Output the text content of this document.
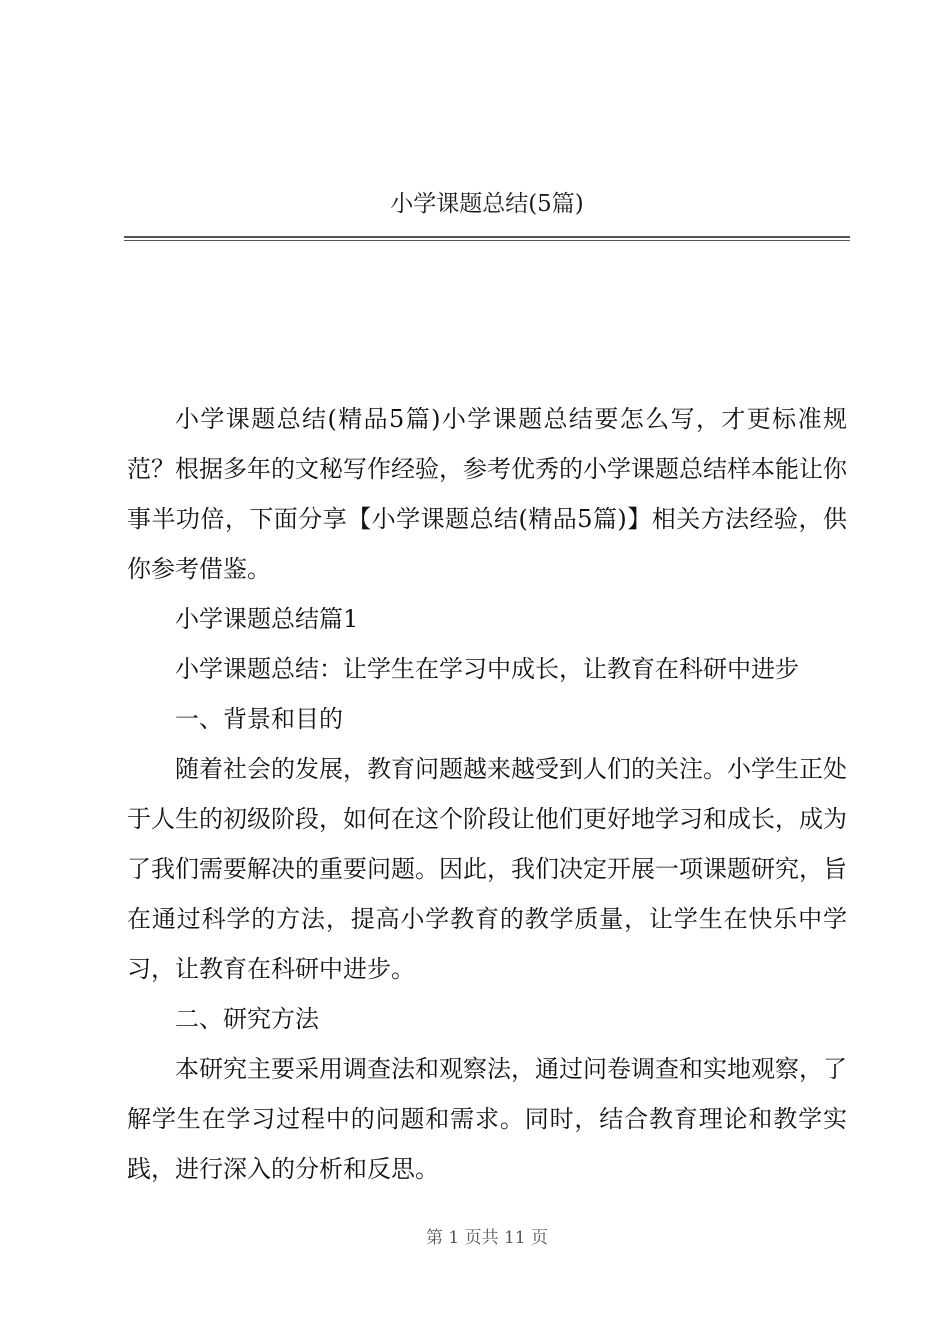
小学课题总结(5篇)

小学课题总结(精品5篇)小学课题总结要怎么写，才更标准规范？根据多年的文秘写作经验，参考优秀的小学课题总结样本能让你事半功倍，下面分享【小学课题总结(精品5篇)】相关方法经验，供你参考借鉴。

小学课题总结篇1

小学课题总结：让学生在学习中成长，让教育在科研中进步

一、背景和目的

随着社会的发展，教育问题越来越受到人们的关注。小学生正处于人生的初级阶段，如何在这个阶段让他们更好地学习和成长，成为了我们需要解决的重要问题。因此，我们决定开展一项课题研究，旨在通过科学的方法，提高小学教育的教学质量，让学生在快乐中学习，让教育在科研中进步。

二、研究方法

本研究主要采用调查法和观察法，通过问卷调查和实地观察，了解学生在学习过程中的问题和需求。同时，结合教育理论和教学实践，进行深入的分析和反思。

第 1 页共 11 页
